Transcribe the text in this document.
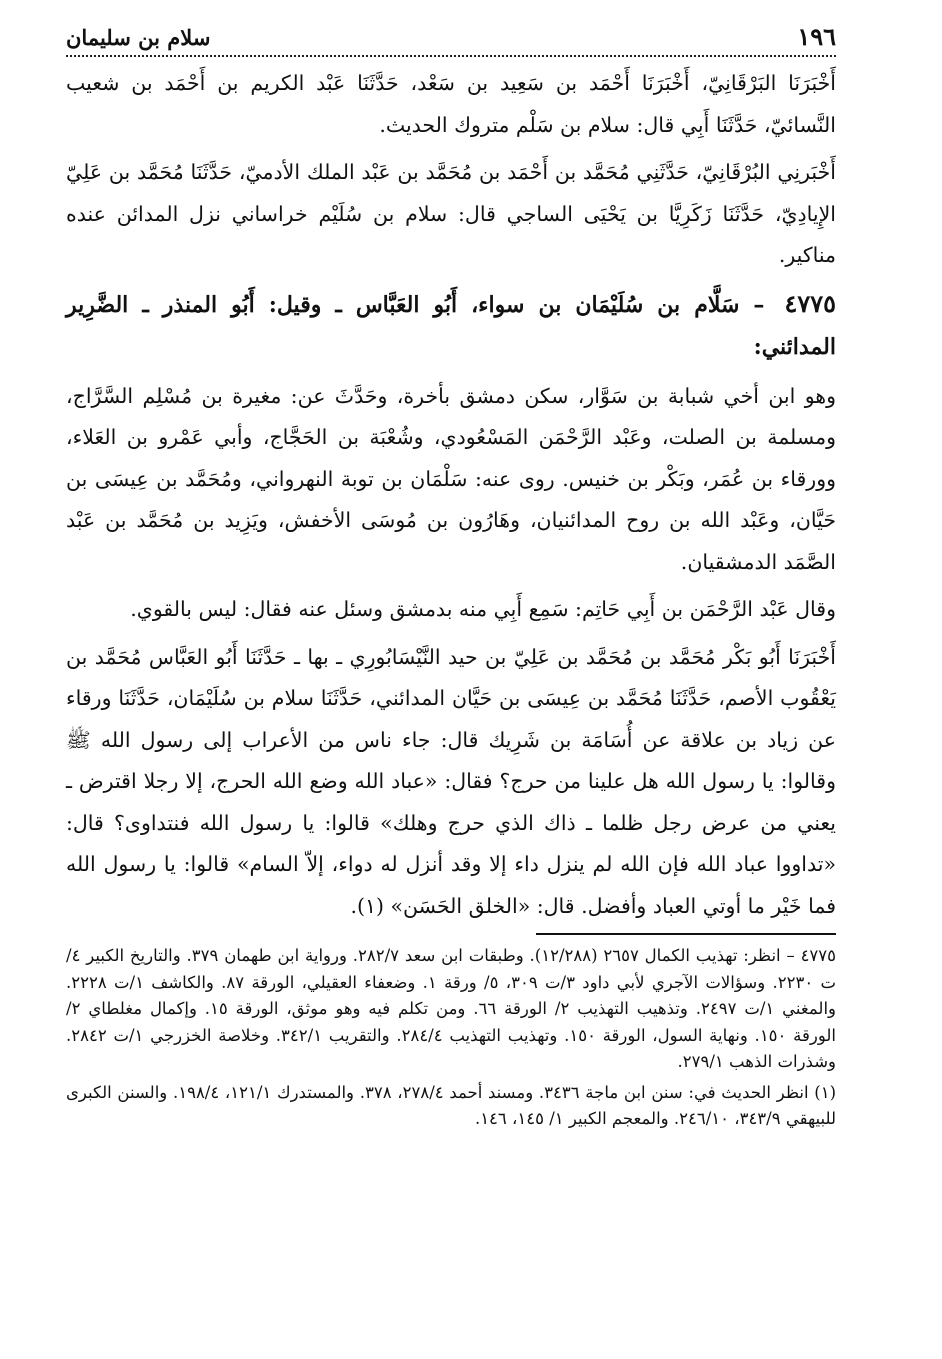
١٩٦
سلام بن سليمان

أَخْبَرَنَا البَرْقَانِيّ، أَخْبَرَنَا أَحْمَد بن سَعِيد بن سَعْد، حَدَّثَنَا عَبْد الكريم بن أَحْمَد بن شعيب النَّسائيّ، حَدَّثَنَا أَبِي قال: سلام بن سَلْم متروك الحديث.

أَخْبَرنِي البُرْقَانِيّ، حَدَّثَنِي مُحَمَّد بن أَحْمَد بن مُحَمَّد بن عَبْد الملك الأدميّ، حَدَّثَنَا مُحَمَّد بن عَلِيّ الإِيادِيّ، حَدَّثَنَا زَكَرِيَّا بن يَحْيَى الساجي قال: سلام بن سُلَيْم خراساني نزل المدائن عنده مناكير.

٤٧٧٥ – سَلَّام بن سُلَيْمَان بن سواء، أَبُو العَبَّاس ـ وقيل: أَبُو المنذر ـ الضَّرِير المدائني:

وهو ابن أخي شبابة بن سَوَّار، سكن دمشق بأخرة، وحَدَّثَ عن: مغيرة بن مُسْلِم السَّرَّاج، ومسلمة بن الصلت، وعَبْد الرَّحْمَن المَسْعُودي، وشُعْبَة بن الحَجَّاج، وأبي عَمْرو بن العَلاء، وورقاء بن عُمَر، وبَكْر بن خنيس. روى عنه: سَلْمَان بن توبة النهرواني، ومُحَمَّد بن عِيسَى بن حَيَّان، وعَبْد الله بن روح المدائنيان، وهَارُون بن مُوسَى الأخفش، ويَزِيد بن مُحَمَّد بن عَبْد الصَّمَد الدمشقيان.

وقال عَبْد الرَّحْمَن بن أَبِي حَاتِم: سَمِع أَبِي منه بدمشق وسئل عنه فقال: ليس بالقوي.

أَخْبَرَنَا أَبُو بَكْر مُحَمَّد بن مُحَمَّد بن عَلِيّ بن حيد النَّيْسَابُورِي ـ بها ـ حَدَّثَنَا أَبُو العَبَّاس مُحَمَّد بن يَعْقُوب الأصم، حَدَّثَنَا مُحَمَّد بن عِيسَى بن حَيَّان المدائني، حَدَّثَنَا سلام بن سُلَيْمَان، حَدَّثَنَا ورقاء عن زياد بن علاقة عن أُسَامَة بن شَرِيك قال: جاء ناس من الأعراب إلى رسول الله ﷺ وقالوا: يا رسول الله هل علينا من حرج؟ فقال: «عباد الله وضع الله الحرج، إلا رجلا اقترض ـ يعني من عرض رجل ظلما ـ ذاك الذي حرج وهلك» قالوا: يا رسول الله فنتداوى؟ قال: «تداووا عباد الله فإن الله لم ينزل داء إلا وقد أنزل له دواء، إلاّ السام» قالوا: يا رسول الله فما خَيْر ما أوتي العباد وأفضل. قال: «الخلق الحَسَن» (١).

٤٧٧٥ – انظر: تهذيب الكمال ٢٦٥٧ (١٢/٢٨٨). وطبقات ابن سعد ٢٨٢/٧. ورواية ابن طهمان ٣٧٩. والتاريخ الكبير ٤/ت ٢٢٣٠. وسؤالات الآجري لأبي داود ٣/ت ٣٠٩، ٥/ ورقة ١. وضعفاء العقيلي، الورقة ٨٧. والكاشف ١/ت ٢٢٢٨. والمغني ١/ت ٢٤٩٧. وتذهيب التهذيب ٢/ الورقة ٦٦. ومن تكلم فيه وهو موثق، الورقة ١٥. وإكمال مغلطاي ٢/ الورقة ١٥٠. ونهاية السول، الورقة ١٥٠. وتهذيب التهذيب ٢٨٤/٤. والتقريب ٣٤٢/١. وخلاصة الخزرجي ١/ت ٢٨٤٢. وشذرات الذهب ٢٧٩/١.

(١) انظر الحديث في: سنن ابن ماجة ٣٤٣٦. ومسند أحمد ٢٧٨/٤، ٣٧٨. والمستدرك ١٢١/١، ١٩٨/٤. والسنن الكبرى للبيهقي ٣٤٣/٩، ٢٤٦/١٠. والمعجم الكبير ١/ ١٤٥، ١٤٦.
